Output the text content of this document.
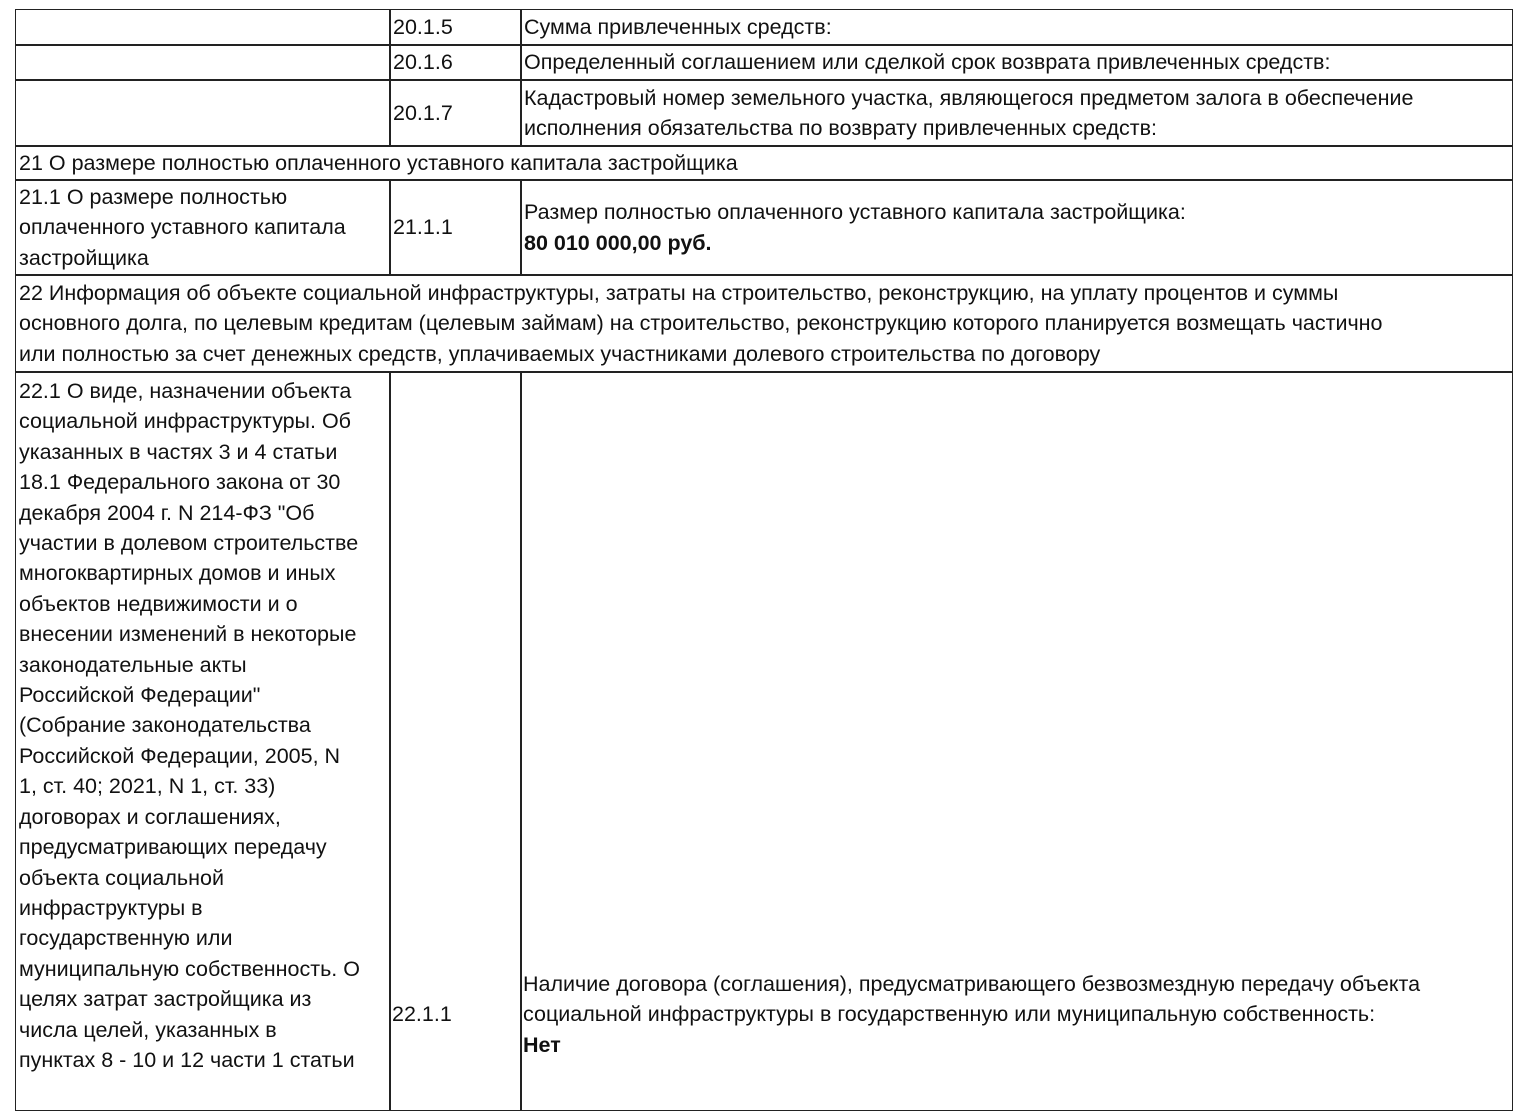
20.1.5	Сумма привлеченных средств:
20.1.6	Определенный соглашением или сделкой срок возврата привлеченных средств:
20.1.7
Кадастровый номер земельного участка, являющегося предметом залога в обеспечение
исполнения обязательства по возврату привлеченных средств:
21 О размере полностью оплаченного уставного капитала застройщика
21.1 О размере полностью
оплаченного уставного капитала
застройщика
21.1.1
Размер полностью оплаченного уставного капитала застройщика:
80 010 000,00 руб.
22 Информация об объекте социальной инфраструктуры, затраты на строительство, реконструкцию, на уплату процентов и суммы
основного долга, по целевым кредитам (целевым займам) на строительство, реконструкцию которого планируется возмещать частично
или полностью за счет денежных средств, уплачиваемых участниками долевого строительства по договору
22.1 О виде, назначении объекта
социальной инфраструктуры. Об
указанных в частях 3 и 4 статьи
18.1 Федерального закона от 30
декабря 2004 г. N 214-ФЗ "Об
участии в долевом строительстве
многоквартирных домов и иных
объектов недвижимости и о
внесении изменений в некоторые
законодательные акты
Российской Федерации"
(Собрание законодательства
Российской Федерации, 2005, N
1, ст. 40; 2021, N 1, ст. 33)
договорах и соглашениях,
предусматривающих передачу
объекта социальной
инфраструктуры в
государственную или
муниципальную собственность. О
целях затрат застройщика из
числа целей, указанных в
пунктах 8 - 10 и 12 части 1 статьи
22.1.1
Наличие договора (соглашения), предусматривающего безвозмездную передачу объекта
социальной инфраструктуры в государственную или муниципальную собственность:
Нет
